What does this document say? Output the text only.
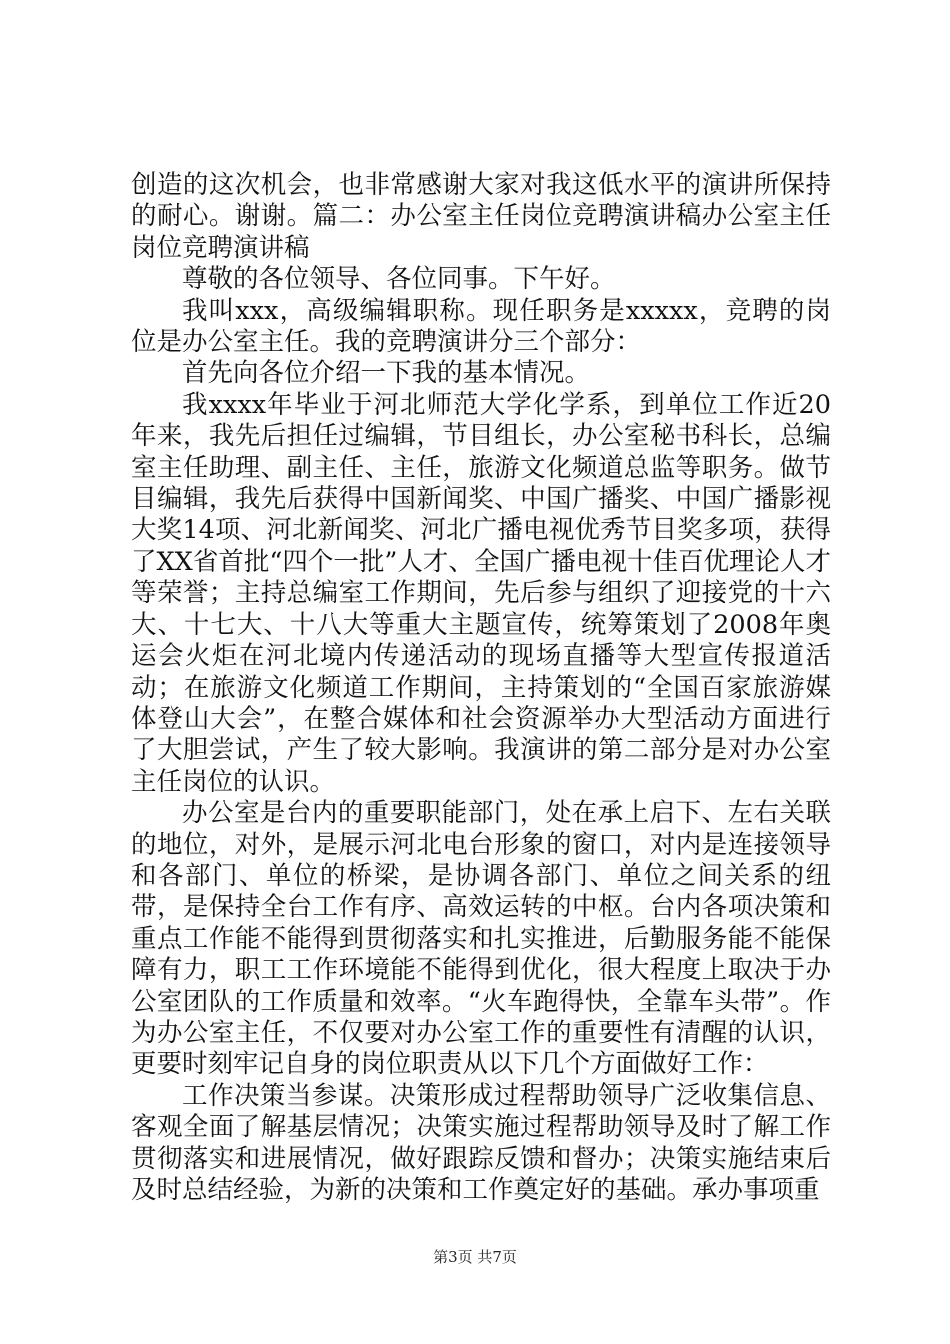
创造的这次机会，也非常感谢大家对我这低水平的演讲所保持的耐心。谢谢。篇二：办公室主任岗位竞聘演讲稿办公室主任岗位竞聘演讲稿

尊敬的各位领导、各位同事。下午好。

我叫xxx，高级编辑职称。现任职务是xxxxx，竞聘的岗位是办公室主任。我的竞聘演讲分三个部分：

首先向各位介绍一下我的基本情况。

我xxxx年毕业于河北师范大学化学系，到单位工作近20年来，我先后担任过编辑，节目组长，办公室秘书科长，总编室主任助理、副主任、主任，旅游文化频道总监等职务。做节目编辑，我先后获得中国新闻奖、中国广播奖、中国广播影视大奖14项、河北新闻奖、河北广播电视优秀节目奖多项，获得了XX省首批“四个一批”人才、全国广播电视十佳百优理论人才等荣誉；主持总编室工作期间，先后参与组织了迎接党的十六大、十七大、十八大等重大主题宣传，统筹策划了2008年奥运会火炬在河北境内传递活动的现场直播等大型宣传报道活动；在旅游文化频道工作期间，主持策划的“全国百家旅游媒体登山大会”，在整合媒体和社会资源举办大型活动方面进行了大胆尝试，产生了较大影响。我演讲的第二部分是对办公室主任岗位的认识。

办公室是台内的重要职能部门，处在承上启下、左右关联的地位，对外，是展示河北电台形象的窗口，对内是连接领导和各部门、单位的桥梁，是协调各部门、单位之间关系的纽带，是保持全台工作有序、高效运转的中枢。台内各项决策和重点工作能不能得到贯彻落实和扎实推进，后勤服务能不能保障有力，职工工作环境能不能得到优化，很大程度上取决于办公室团队的工作质量和效率。“火车跑得快，全靠车头带”。作为办公室主任，不仅要对办公室工作的重要性有清醒的认识，更要时刻牢记自身的岗位职责从以下几个方面做好工作：

工作决策当参谋。决策形成过程帮助领导广泛收集信息、客观全面了解基层情况；决策实施过程帮助领导及时了解工作贯彻落实和进展情况，做好跟踪反馈和督办；决策实施结束后及时总结经验，为新的决策和工作奠定好的基础。承办事项重

第3页 共7页
